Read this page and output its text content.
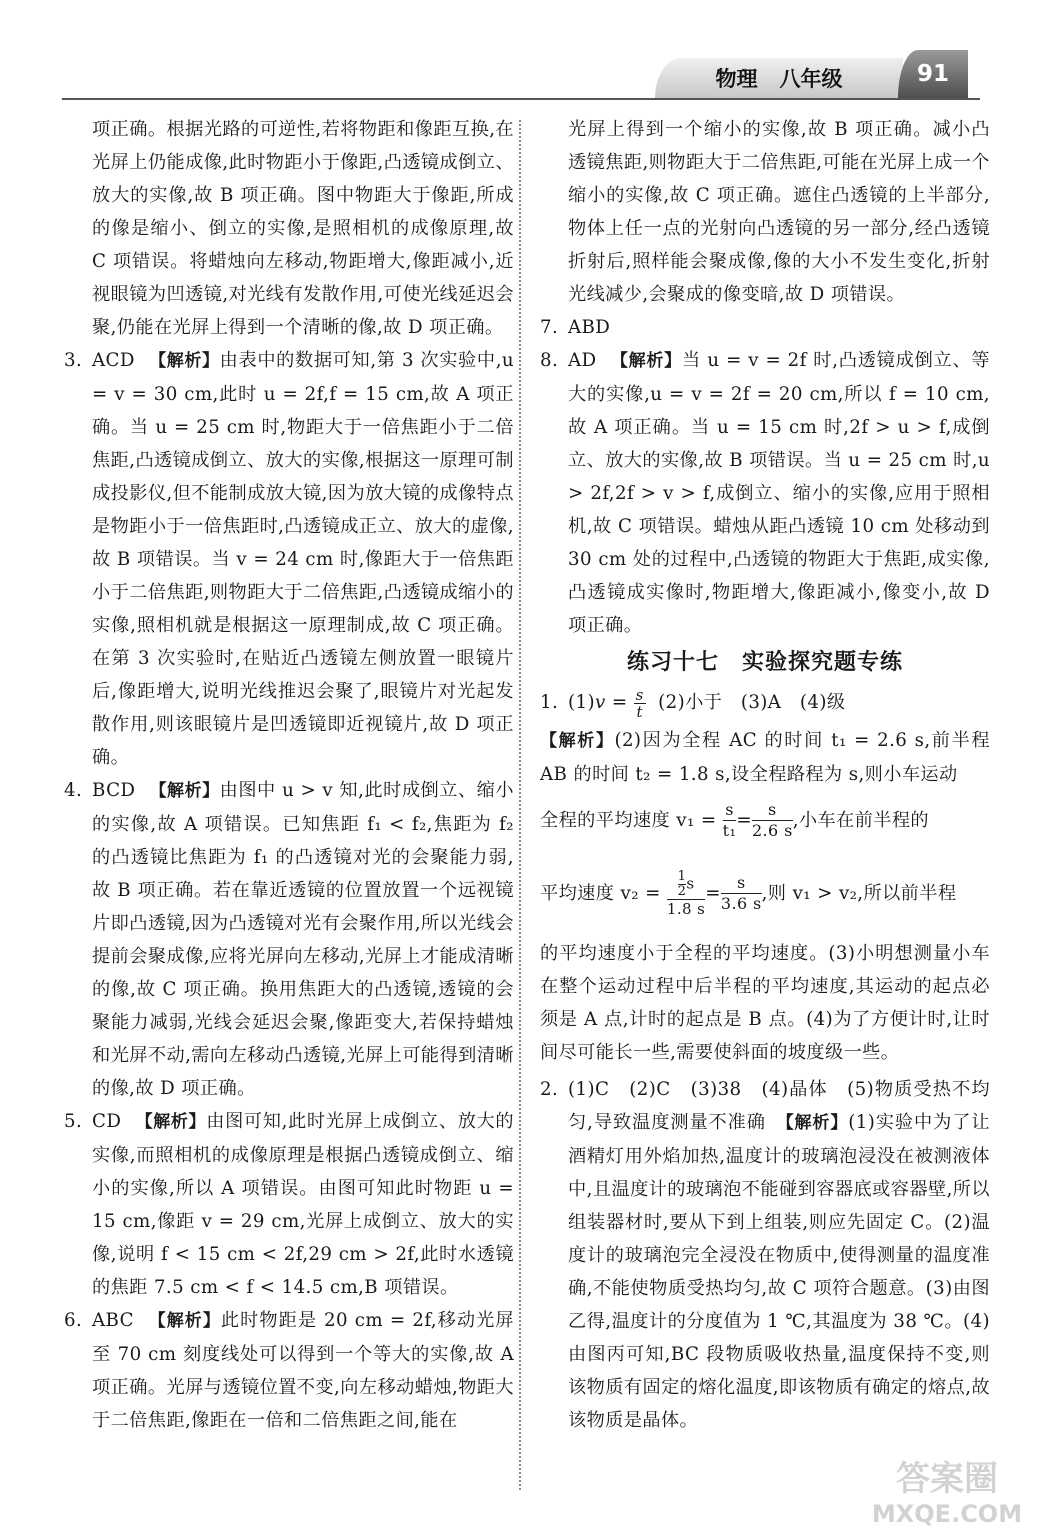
物理 八年级	91

项正确。根据光路的可逆性,若将物距和像距互换,在光屏上仍能成像,此时物距小于像距,凸透镜成倒立、放大的实像,故 B 项正确。图中物距大于像距,所成的像是缩小、倒立的实像,是照相机的成像原理,故 C 项错误。将蜡烛向左移动,物距增大,像距减小,近视眼镜为凹透镜,对光线有发散作用,可使光线延迟会聚,仍能在光屏上得到一个清晰的像,故 D 项正确。

3. ACD 【解析】由表中的数据可知,第 3 次实验中,u = v = 30 cm,此时 u = 2f,f = 15 cm,故 A 项正确。当 u = 25 cm 时,物距大于一倍焦距小于二倍焦距,凸透镜成倒立、放大的实像,根据这一原理可制成投影仪,但不能制成放大镜,因为放大镜的成像特点是物距小于一倍焦距时,凸透镜成正立、放大的虚像,故 B 项错误。当 v = 24 cm 时,像距大于一倍焦距小于二倍焦距,则物距大于二倍焦距,凸透镜成缩小的实像,照相机就是根据这一原理制成,故 C 项正确。在第 3 次实验时,在贴近凸透镜左侧放置一眼镜片后,像距增大,说明光线推迟会聚了,眼镜片对光起发散作用,则该眼镜片是凹透镜即近视镜片,故 D 项正确。
4. BCD 【解析】由图中 u > v 知,此时成倒立、缩小的实像,故 A 项错误。已知焦距 f₁ < f₂,焦距为 f₂ 的凸透镜比焦距为 f₁ 的凸透镜对光的会聚能力弱,故 B 项正确。若在靠近透镜的位置放置一个远视镜片即凸透镜,因为凸透镜对光有会聚作用,所以光线会提前会聚成像,应将光屏向左移动,光屏上才能成清晰的像,故 C 项正确。换用焦距大的凸透镜,透镜的会聚能力减弱,光线会延迟会聚,像距变大,若保持蜡烛和光屏不动,需向左移动凸透镜,光屏上可能得到清晰的像,故 D 项正确。
5. CD 【解析】由图可知,此时光屏上成倒立、放大的实像,而照相机的成像原理是根据凸透镜成倒立、缩小的实像,所以 A 项错误。由图可知此时物距 u = 15 cm,像距 v = 29 cm,光屏上成倒立、放大的实像,说明 f < 15 cm < 2f,29 cm > 2f,此时水透镜的焦距 7.5 cm < f < 14.5 cm,B 项错误。
6. ABC 【解析】此时物距是 20 cm = 2f,移动光屏至 70 cm 刻度线处可以得到一个等大的实像,故 A 项正确。光屏与透镜位置不变,向左移动蜡烛,物距大于二倍焦距,像距在一倍和二倍焦距之间,能在

光屏上得到一个缩小的实像,故 B 项正确。减小凸透镜焦距,则物距大于二倍焦距,可能在光屏上成一个缩小的实像,故 C 项正确。遮住凸透镜的上半部分,物体上任一点的光射向凸透镜的另一部分,经凸透镜折射后,照样能会聚成像,像的大小不发生变化,折射光线减少,会聚成的像变暗,故 D 项错误。

7. ABD
8. AD 【解析】当 u = v = 2f 时,凸透镜成倒立、等大的实像,u = v = 2f = 20 cm,所以 f = 10 cm,故 A 项正确。当 u = 15 cm 时,2f > u > f,成倒立、放大的实像,故 B 项错误。当 u = 25 cm 时,u > 2f,2f > v > f,成倒立、缩小的实像,应用于照相机,故 C 项错误。蜡烛从距凸透镜 10 cm 处移动到 30 cm 处的过程中,凸透镜的物距大于焦距,成实像,凸透镜成实像时,物距增大,像距减小,像变小,故 D 项正确。
练习十七　实验探究题专练
1. $(1)v = \frac{s}{t} (2)$小于 (3)A (4)级

【解析】(2)因为全程 AC 的时间 t₁ = 2.6 s,前半程 AB 的时间 t₂ = 1.8 s,设全程路程为 s,则小车运动

全程的平均速度 $v_1 = \frac{s}{\text{t₁}} = \frac{s}{2.6 s}$ ,小车在前半程的
平均速度 $v_2 = \frac{\frac{1}{2} s}{1.8 s} = \frac{s}{3.6 s}$ ,则 v₁ > v₂,所以前半程

的平均速度小于全程的平均速度。(3)小明想测量小车在整个运动过程中后半程的平均速度,其运动的起点必须是 A 点,计时的起点是 B 点。(4)为了方便计时,让时间尽可能长一些,需要使斜面的坡度级一些。

2. (1)C　(2)C　(3)38　(4)晶体　(5)物质受热不均匀,导致温度测量不准确　 【解析】(1)实验中为了让酒精灯用外焰加热,温度计的玻璃泡浸没在被测液体中,且温度计的玻璃泡不能碰到容器底或容器壁,所以组装器材时,要从下到上组装,则应先固定 C。(2)温度计的玻璃泡完全浸没在物质中,使得测量的温度准确,不能使物质受热均匀,故 C 项符合题意。(3)由图乙得,温度计的分度值为 1 ℃,其温度为 38 ℃。(4)由图丙可知,BC 段物质吸收热量,温度保持不变,则该物质有固定的熔化温度,即该物质有确定的熔点,故该物质是晶体。
答案圈
MXQE.COM
